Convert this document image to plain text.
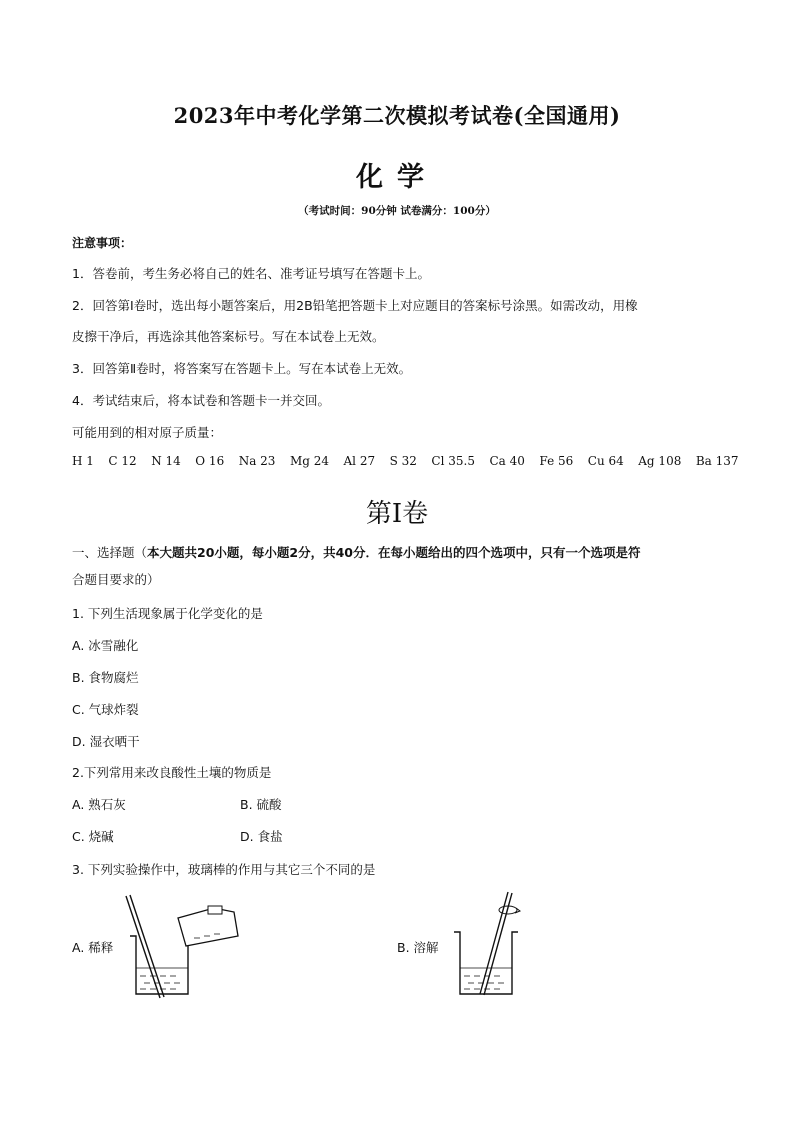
2023年中考化学第二次模拟考试卷(全国通用)
化学
（考试时间：90分钟 试卷满分：100分）
注意事项：
1．答卷前，考生务必将自己的姓名、准考证号填写在答题卡上。
2．回答第Ⅰ卷时，选出每小题答案后，用2B铅笔把答题卡上对应题目的答案标号涂黑。如需改动，用橡
皮擦干净后，再选涂其他答案标号。写在本试卷上无效。
3．回答第Ⅱ卷时，将答案写在答题卡上。写在本试卷上无效。
4．考试结束后，将本试卷和答题卡一并交回。
可能用到的相对原子质量：
H 1 C 12 N 14 O 16 Na 23 Mg 24 Al 27 S 32 Cl 35.5 Ca 40 Fe 56 Cu 64 Ag 108 Ba 137
第Ⅰ卷
一、选择题（本大题共20小题，每小题2分，共40分．在每小题给出的四个选项中，只有一个选项是符
合题目要求的）
1. 下列生活现象属于化学变化的是
A. 冰雪融化
B. 食物腐烂
C. 气球炸裂
D. 湿衣晒干
2.下列常用来改良酸性土壤的物质是
A. 熟石灰	B. 硫酸
C. 烧碱	D. 食盐
3. 下列实验操作中，玻璃棒的作用与其它三个不同的是
A. 稀释	B. 溶解
